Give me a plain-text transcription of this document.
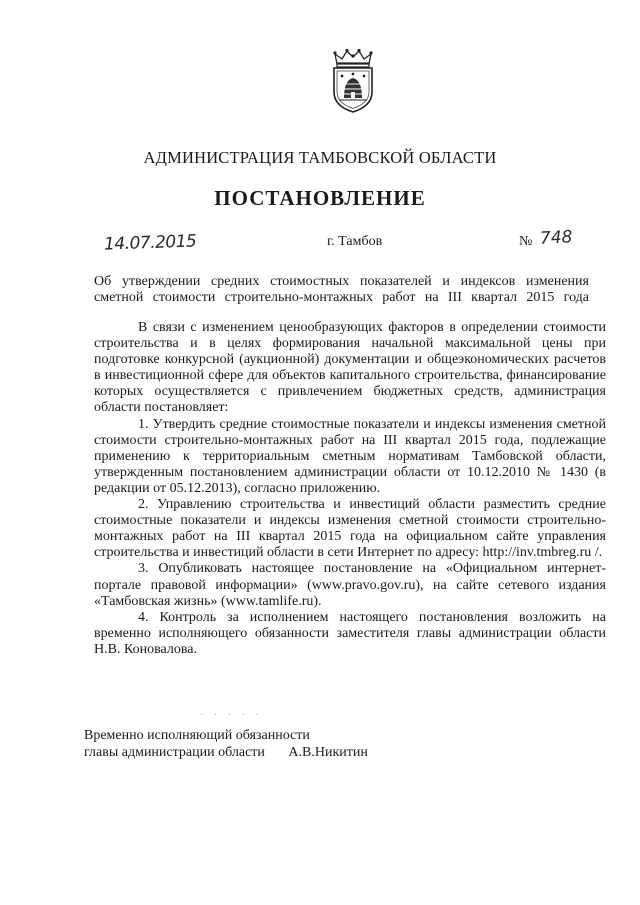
АДМИНИСТРАЦИЯ ТАМБОВСКОЙ ОБЛАСТИ
ПОСТАНОВЛЕНИЕ
14.07.2015	г. Тамбов	№ 748
Об утверждении средних стоимостных показателей и индексов изменения сметной стоимости строительно-монтажных работ на III квартал 2015 года

В связи с изменением ценообразующих факторов в определении стоимости строительства и в целях формирования начальной максимальной цены при подготовке конкурсной (аукционной) документации и общеэкономических расчетов в инвестиционной сфере для объектов капитального строительства, финансирование которых осуществляется с привлечением бюджетных средств, администрация области постановляет:

1. Утвердить средние стоимостные показатели и индексы изменения сметной стоимости строительно-монтажных работ на III квартал 2015 года, подлежащие применению к территориальным сметным нормативам Тамбовской области, утвержденным постановлением администрации области от 10.12.2010 № 1430 (в редакции от 05.12.2013), согласно приложению.

2. Управлению строительства и инвестиций области разместить средние стоимостные показатели и индексы изменения сметной стоимости строительно-монтажных работ на III квартал 2015 года на официальном сайте управления строительства и инвестиций области в сети Интернет по адресу: http://inv.tmbreg.ru /.

3. Опубликовать настоящее постановление на «Официальном интернет-портале правовой информации» (www.pravo.gov.ru), на сайте сетевого издания «Тамбовская жизнь» (www.tamlife.ru).

4. Контроль за исполнением настоящего постановления возложить на временно исполняющего обязанности заместителя главы администрации области Н.В. Коновалова.

· · · · ·
Временно исполняющий обязанности
главы администрации области А.В.Никитин
